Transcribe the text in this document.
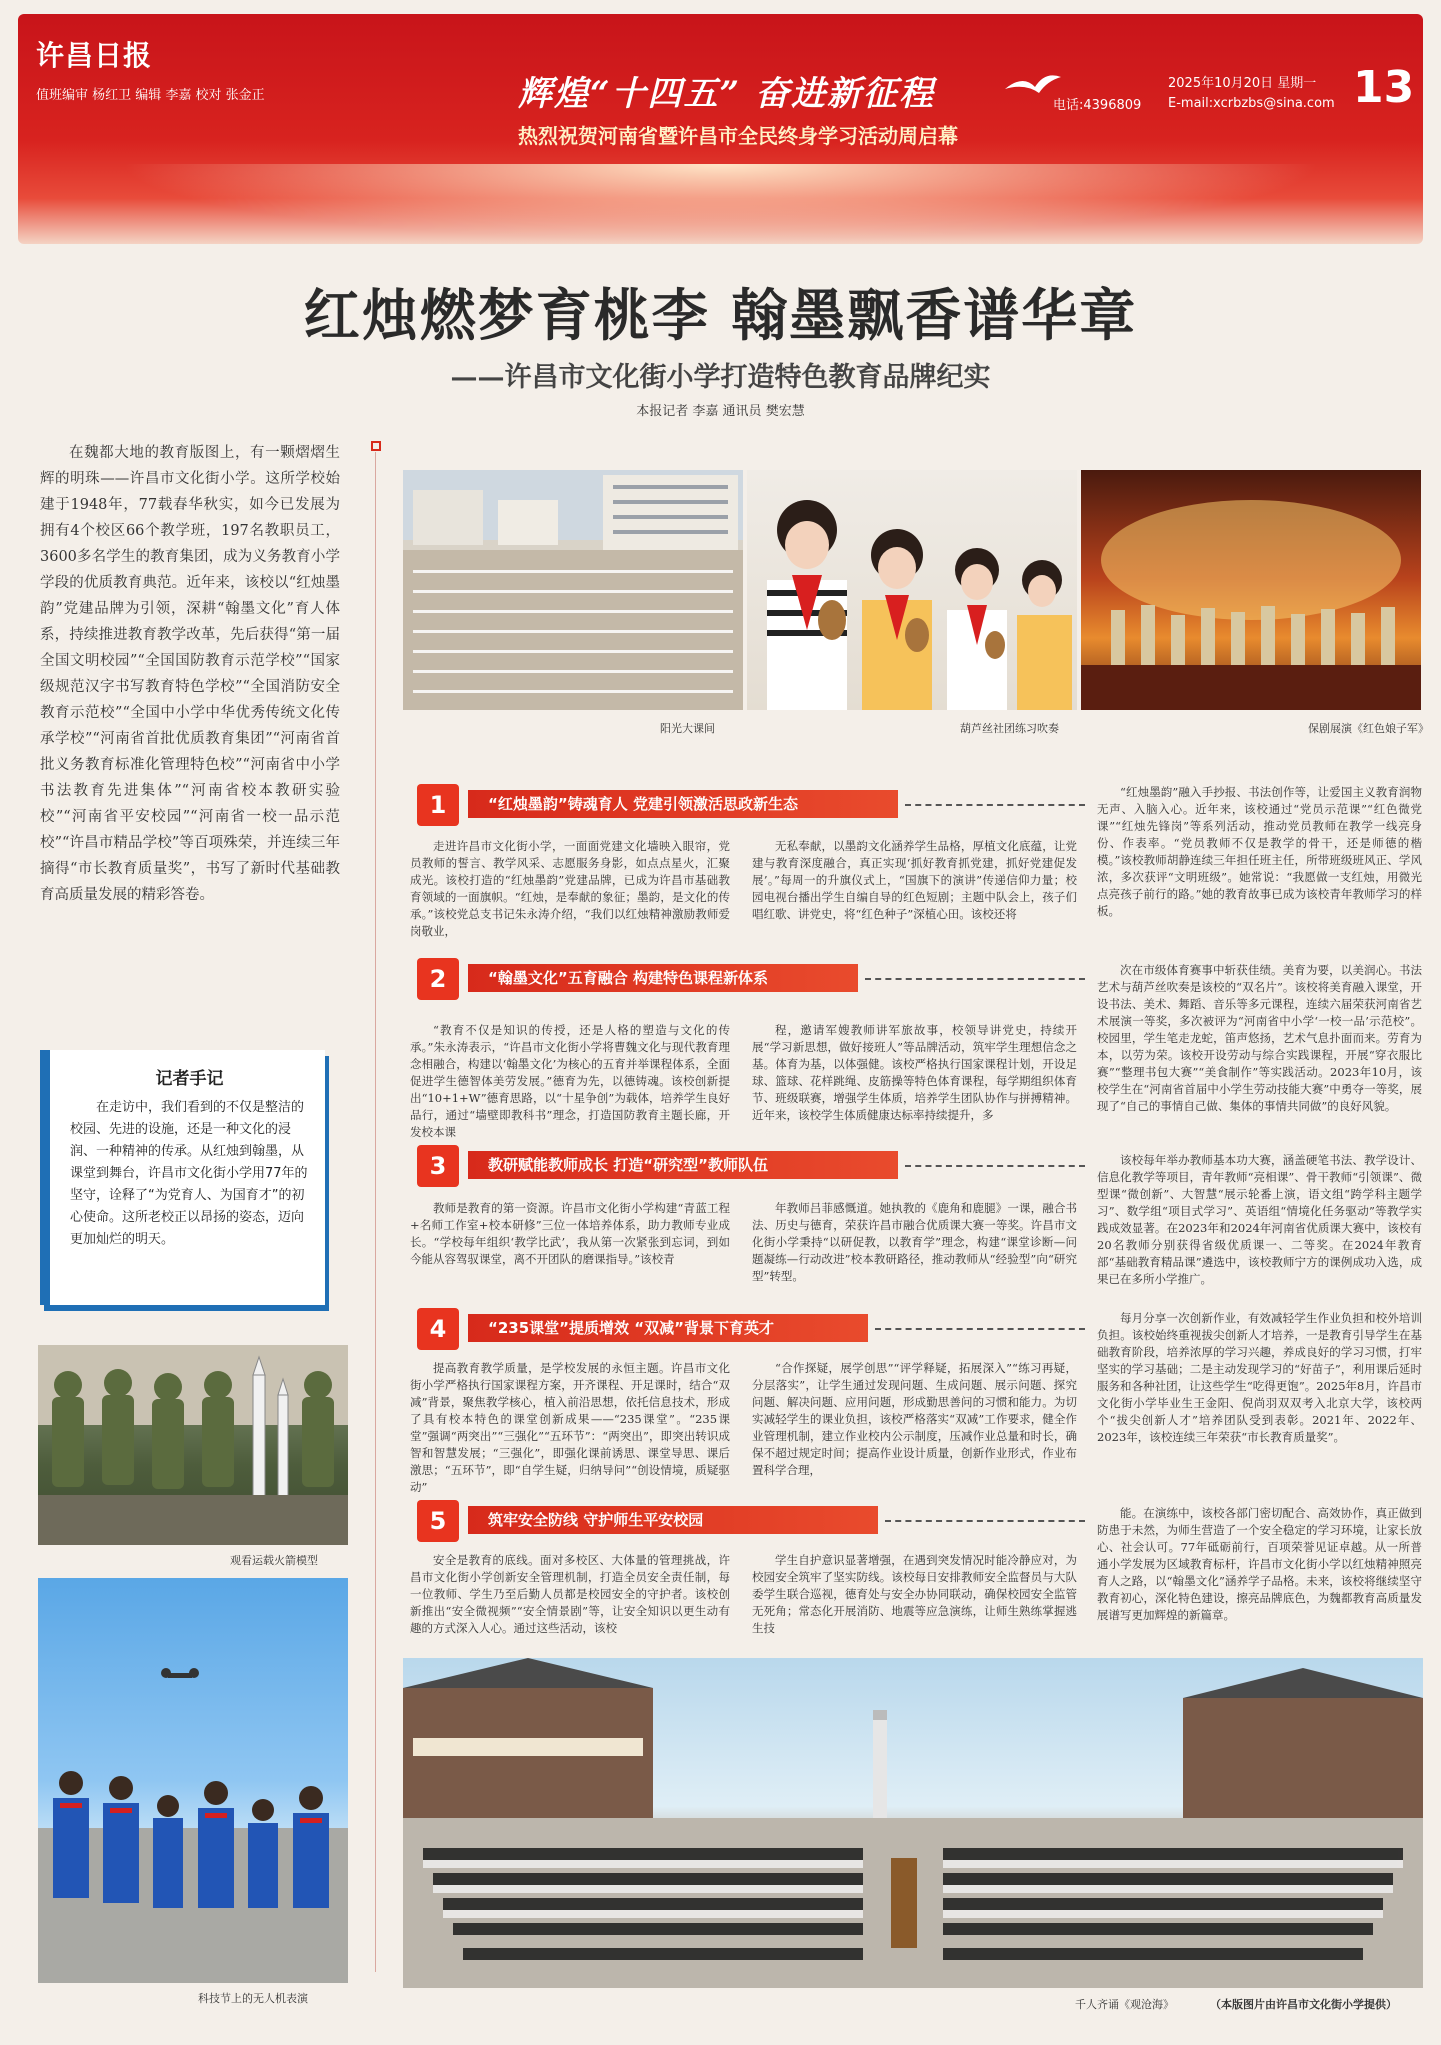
许昌日报
值班编审 杨红卫 编辑 李嘉 校对 张金正	辉煌“十四五” 奋进新征程
热烈祝贺河南省暨许昌市全民终身学习活动周启幕
电话:4396809
2025年10月20日 星期一
E-mail:xcrbzbs@sina.com 13
红烛燃梦育桃李 翰墨飘香谱华章
——许昌市文化街小学打造特色教育品牌纪实
本报记者 李嘉 通讯员 樊宏慧

在魏都大地的教育版图上，有一颗熠熠生辉的明珠——许昌市文化街小学。这所学校始建于1948年，77载春华秋实，如今已发展为拥有4个校区66个教学班，197名教职员工，3600多名学生的教育集团，成为义务教育小学学段的优质教育典范。近年来，该校以“红烛墨韵”党建品牌为引领，深耕“翰墨文化”育人体系，持续推进教育教学改革，先后获得“第一届全国文明校园”“全国国防教育示范学校”“国家级规范汉字书写教育特色学校”“全国消防安全教育示范校”“全国中小学中华优秀传统文化传承学校”“河南省首批优质教育集团”“河南省首批义务教育标准化管理特色校”“河南省中小学书法教育先进集体”“河南省校本教研实验校”“河南省平安校园”“河南省一校一品示范校”“许昌市精品学校”等百项殊荣，并连续三年摘得“市长教育质量奖”，书写了新时代基础教育高质量发展的精彩答卷。

记者手记

在走访中，我们看到的不仅是整洁的校园、先进的设施，还是一种文化的浸润、一种精神的传承。从红烛到翰墨，从课堂到舞台，许昌市文化街小学用77年的坚守，诠释了“为党育人、为国育才”的初心使命。这所老校正以昂扬的姿态，迈向更加灿烂的明天。

观看运载火箭模型
科技节上的无人机表演
阳光大课间	葫芦丝社团练习吹奏	保剧展演《红色娘子军》
1	“红烛墨韵”铸魂育人 党建引领激活思政新生态

走进许昌市文化街小学，一面面党建文化墙映入眼帘，党员教师的誓言、教学风采、志愿服务身影，如点点星火，汇聚成光。该校打造的“红烛墨韵”党建品牌，已成为许昌市基础教育领域的一面旗帜。“红烛，是奉献的象征；墨韵，是文化的传承。”该校党总支书记朱永涛介绍，“我们以红烛精神激励教师爱岗敬业，

无私奉献，以墨韵文化涵养学生品格，厚植文化底蕴，让党建与教育深度融合，真正实现‘抓好教育抓党建，抓好党建促发展’。”每周一的升旗仪式上，“国旗下的演讲”传递信仰力量；校园电视台播出学生自编自导的红色短剧；主题中队会上，孩子们唱红歌、讲党史，将“红色种子”深植心田。该校还将

“红烛墨韵”融入手抄报、书法创作等，让爱国主义教育润物无声、入脑入心。近年来，该校通过“党员示范课”“红色微党课”“红烛先锋岗”等系列活动，推动党员教师在教学一线亮身份、作表率。“党员教师不仅是教学的骨干，还是师德的楷模。”该校教师胡静连续三年担任班主任，所带班级班风正、学风浓，多次获评“文明班级”。她常说：“我愿做一支红烛，用微光点亮孩子前行的路。”她的教育故事已成为该校青年教师学习的样板。

2	“翰墨文化”五育融合 构建特色课程新体系

“教育不仅是知识的传授，还是人格的塑造与文化的传承。”朱永涛表示，“许昌市文化街小学将曹魏文化与现代教育理念相融合，构建以‘翰墨文化’为核心的五育并举课程体系，全面促进学生德智体美劳发展。”德育为先，以德铸魂。该校创新提出“10+1+W”德育思路，以“十星争创”为载体，培养学生良好品行，通过“墙壁即教科书”理念，打造国防教育主题长廊，开发校本课

程，邀请军嫂教师讲军旅故事，校领导讲党史，持续开展“学习新思想，做好接班人”等品牌活动，筑牢学生理想信念之基。体育为基，以体强健。该校严格执行国家课程计划，开设足球、篮球、花样跳绳、皮筋操等特色体育课程，每学期组织体育节、班级联赛，增强学生体质，培养学生团队协作与拼搏精神。近年来，该校学生体质健康达标率持续提升，多

次在市级体育赛事中斩获佳绩。美育为要，以美润心。书法艺术与葫芦丝吹奏是该校的“双名片”。该校将美育融入课堂，开设书法、美术、舞蹈、音乐等多元课程，连续六届荣获河南省艺术展演一等奖，多次被评为“河南省中小学‘一校一品’示范校”。校园里，学生笔走龙蛇，笛声悠扬，艺术气息扑面而来。劳育为本，以劳为荣。该校开设劳动与综合实践课程，开展“穿衣服比赛”“整理书包大赛”“美食制作”等实践活动。2023年10月，该校学生在“河南省首届中小学生劳动技能大赛”中勇夺一等奖，展现了“自己的事情自己做、集体的事情共同做”的良好风貌。

3	教研赋能教师成长 打造“研究型”教师队伍

教师是教育的第一资源。许昌市文化街小学构建“青蓝工程+名师工作室+校本研修”三位一体培养体系，助力教师专业成长。“学校每年组织‘教学比武’，我从第一次紧张到忘词，到如今能从容驾驭课堂，离不开团队的磨课指导。”该校青

年教师吕菲感慨道。她执教的《鹿角和鹿腿》一课，融合书法、历史与德育，荣获许昌市融合优质课大赛一等奖。许昌市文化街小学秉持“以研促教，以教育学”理念，构建“课堂诊断—问题凝练—行动改进”校本教研路径，推动教师从“经验型”向“研究型”转型。

该校每年举办教师基本功大赛，涵盖硬笔书法、教学设计、信息化教学等项目，青年教师“亮相课”、骨干教师“引领课”、微型课“微创新”、大智慧“展示轮番上演，语文组“跨学科主题学习”、数学组“项目式学习”、英语组“情境化任务驱动”等教学实践成效显著。在2023年和2024年河南省优质课大赛中，该校有20名教师分别获得省级优质课一、二等奖。在2024年教育部“基础教育精品课”遴选中，该校教师宁方的课例成功入选，成果已在多所小学推广。

4	“235课堂”提质增效 “双减”背景下育英才

提高教育教学质量，是学校发展的永恒主题。许昌市文化街小学严格执行国家课程方案，开齐课程、开足课时，结合“双减”背景，聚焦教学核心，植入前沿思想，依托信息技术，形成了具有校本特色的课堂创新成果——“235课堂”。“235课堂”强调“两突出”“三强化”“五环节”：“两突出”，即突出转识成智和智慧发展；“三强化”，即强化课前诱思、课堂导思、课后激思；“五环节”，即“自学生疑，归纳导问”“创设情境，质疑驱动”

“合作探疑，展学创思”“评学释疑，拓展深入”“练习再疑，分层落实”，让学生通过发现问题、生成问题、展示问题、探究问题、解决问题、应用问题，形成勤思善问的习惯和能力。为切实减轻学生的课业负担，该校严格落实“双减”工作要求，健全作业管理机制，建立作业校内公示制度，压减作业总量和时长，确保不超过规定时间；提高作业设计质量，创新作业形式，作业布置科学合理，

每月分享一次创新作业，有效减轻学生作业负担和校外培训负担。该校始终重视拔尖创新人才培养，一是教育引导学生在基础教育阶段，培养浓厚的学习兴趣，养成良好的学习习惯，打牢坚实的学习基础；二是主动发现学习的“好苗子”，利用课后延时服务和各种社团，让这些学生“吃得更饱”。2025年8月，许昌市文化街小学毕业生王金阳、倪尚羽双双考入北京大学，该校两个“拔尖创新人才”培养团队受到表彰。2021年、2022年、2023年，该校连续三年荣获“市长教育质量奖”。

5	筑牢安全防线 守护师生平安校园

安全是教育的底线。面对多校区、大体量的管理挑战，许昌市文化街小学创新安全管理机制，打造全员安全责任制，每一位教师、学生乃至后勤人员都是校园安全的守护者。该校创新推出“安全微视频”“安全情景剧”等，让安全知识以更生动有趣的方式深入人心。通过这些活动，该校

学生自护意识显著增强，在遇到突发情况时能冷静应对，为校园安全筑牢了坚实防线。该校每日安排教师安全监督员与大队委学生联合巡视，德育处与安全办协同联动，确保校园安全监管无死角；常态化开展消防、地震等应急演练，让师生熟练掌握逃生技

能。在演练中，该校各部门密切配合、高效协作，真正做到防患于未然，为师生营造了一个安全稳定的学习环境，让家长放心、社会认可。77年砥砺前行，百项荣誉见证卓越。从一所普通小学发展为区域教育标杆，许昌市文化街小学以红烛精神照亮育人之路，以“翰墨文化”涵养学子品格。未来，该校将继续坚守教育初心，深化特色建设，擦亮品牌底色，为魏都教育高质量发展谱写更加辉煌的新篇章。

千人齐诵《观沧海》	（本版图片由许昌市文化街小学提供）
